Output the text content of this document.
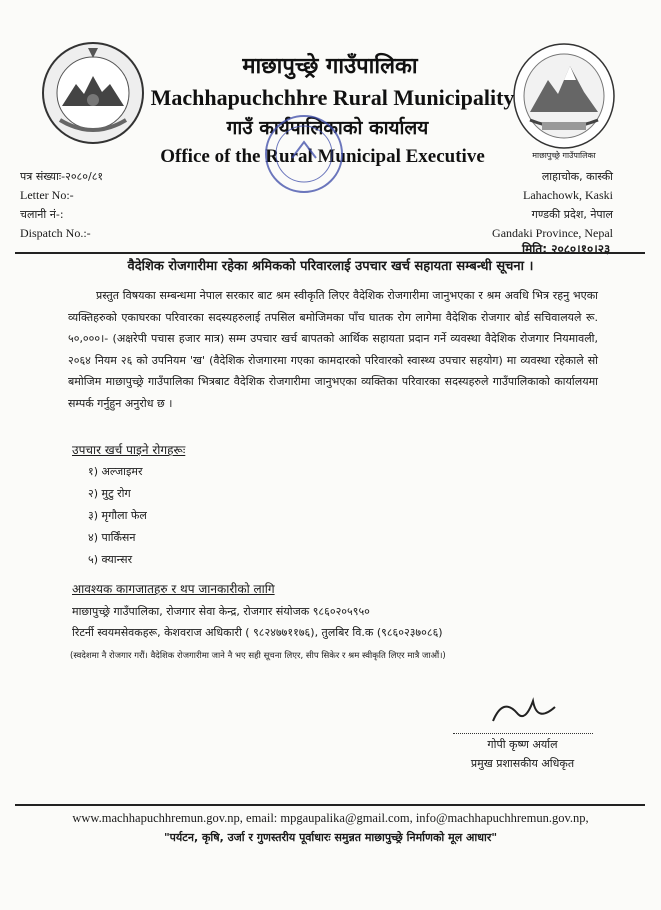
माछापुच्छ्रे गाउँपालिका
माछापुच्छ्रे गाउँपालिका
Machhapuchchhre Rural Municipality
गाउँ कार्यपालिकाको कार्यालय
Office of the Rural Municipal Executive
पत्र संख्याः-२०८०/८१
Letter No:-
चलानी नं-:
Dispatch No.:-
लाहाचोक, कास्की
Lahachowk, Kaski
गण्डकी प्रदेश, नेपाल
Gandaki Province, Nepal
मिति: २०८०।१०।२३
वैदेशिक रोजगारीमा रहेका श्रमिकको परिवारलाई उपचार खर्च सहायता सम्बन्धी सूचना ।
प्रस्तुत विषयका सम्बन्धमा नेपाल सरकार बाट श्रम स्वीकृति लिएर वैदेशिक रोजगारीमा जानुभएका र श्रम अवधि भित्र रहनु भएका व्यक्तिहरुको एकाघरका परिवारका सदस्यहरुलाई तपसिल बमोजिमका पाँच घातक रोग लागेमा वैदेशिक रोजगार बोर्ड सचिवालयले रू. ५०,०००।- (अक्षरेपी पचास हजार मात्र) सम्म उपचार खर्च बापतको आर्थिक सहायता प्रदान गर्ने व्यवस्था वैदेशिक रोजगार नियमावली, २०६४ नियम २६ को उपनियम 'ख' (वैदेशिक रोजगारमा गएका कामदारको परिवारको स्वास्थ्य उपचार सहयोग) मा व्यवस्था रहेकाले सो बमोजिम माछापुच्छ्रे गाउँपालिका भित्रबाट वैदेशिक रोजगारीमा जानुभएका व्यक्तिका परिवारका सदस्यहरुले गाउँपालिकाको कार्यालयमा सम्पर्क गर्नुहुन अनुरोध छ ।
उपचार खर्च पाइने रोगहरूः
१) अल्जाइमर
२) मुटु रोग
३) मृगौला फेल
४) पार्किंसन
५) क्यान्सर
आवश्यक कागजातहरु र थप जानकारीको लागि
माछापुच्छ्रे गाउँपालिका, रोजगार सेवा केन्द्र, रोजगार संयोजक ९८६०२०५९५०
रिटर्नी स्वयमसेवकहरू, केशवराज अधिकारी ( ९८२४७७११७६), तुलबिर वि.क (९८६०२३७०८६)
(स्वदेशमा नै रोजगार गरौं। वैदेशिक रोजगारीमा जाने नै भए सही सूचना लिएर, सीप सिकेर र श्रम स्वीकृति लिएर मात्रै जाऔं।)
गोपी कृष्ण अर्याल
प्रमुख प्रशासकीय अधिकृत
www.machhapuchhremun.gov.np, email: mpgaupalika@gmail.com, info@machhapuchhremun.gov.np,
"पर्यटन, कृषि, उर्जा र गुणस्तरीय पूर्वाधारः समुन्नत माछापुच्छ्रे निर्माणको मूल आधार"
